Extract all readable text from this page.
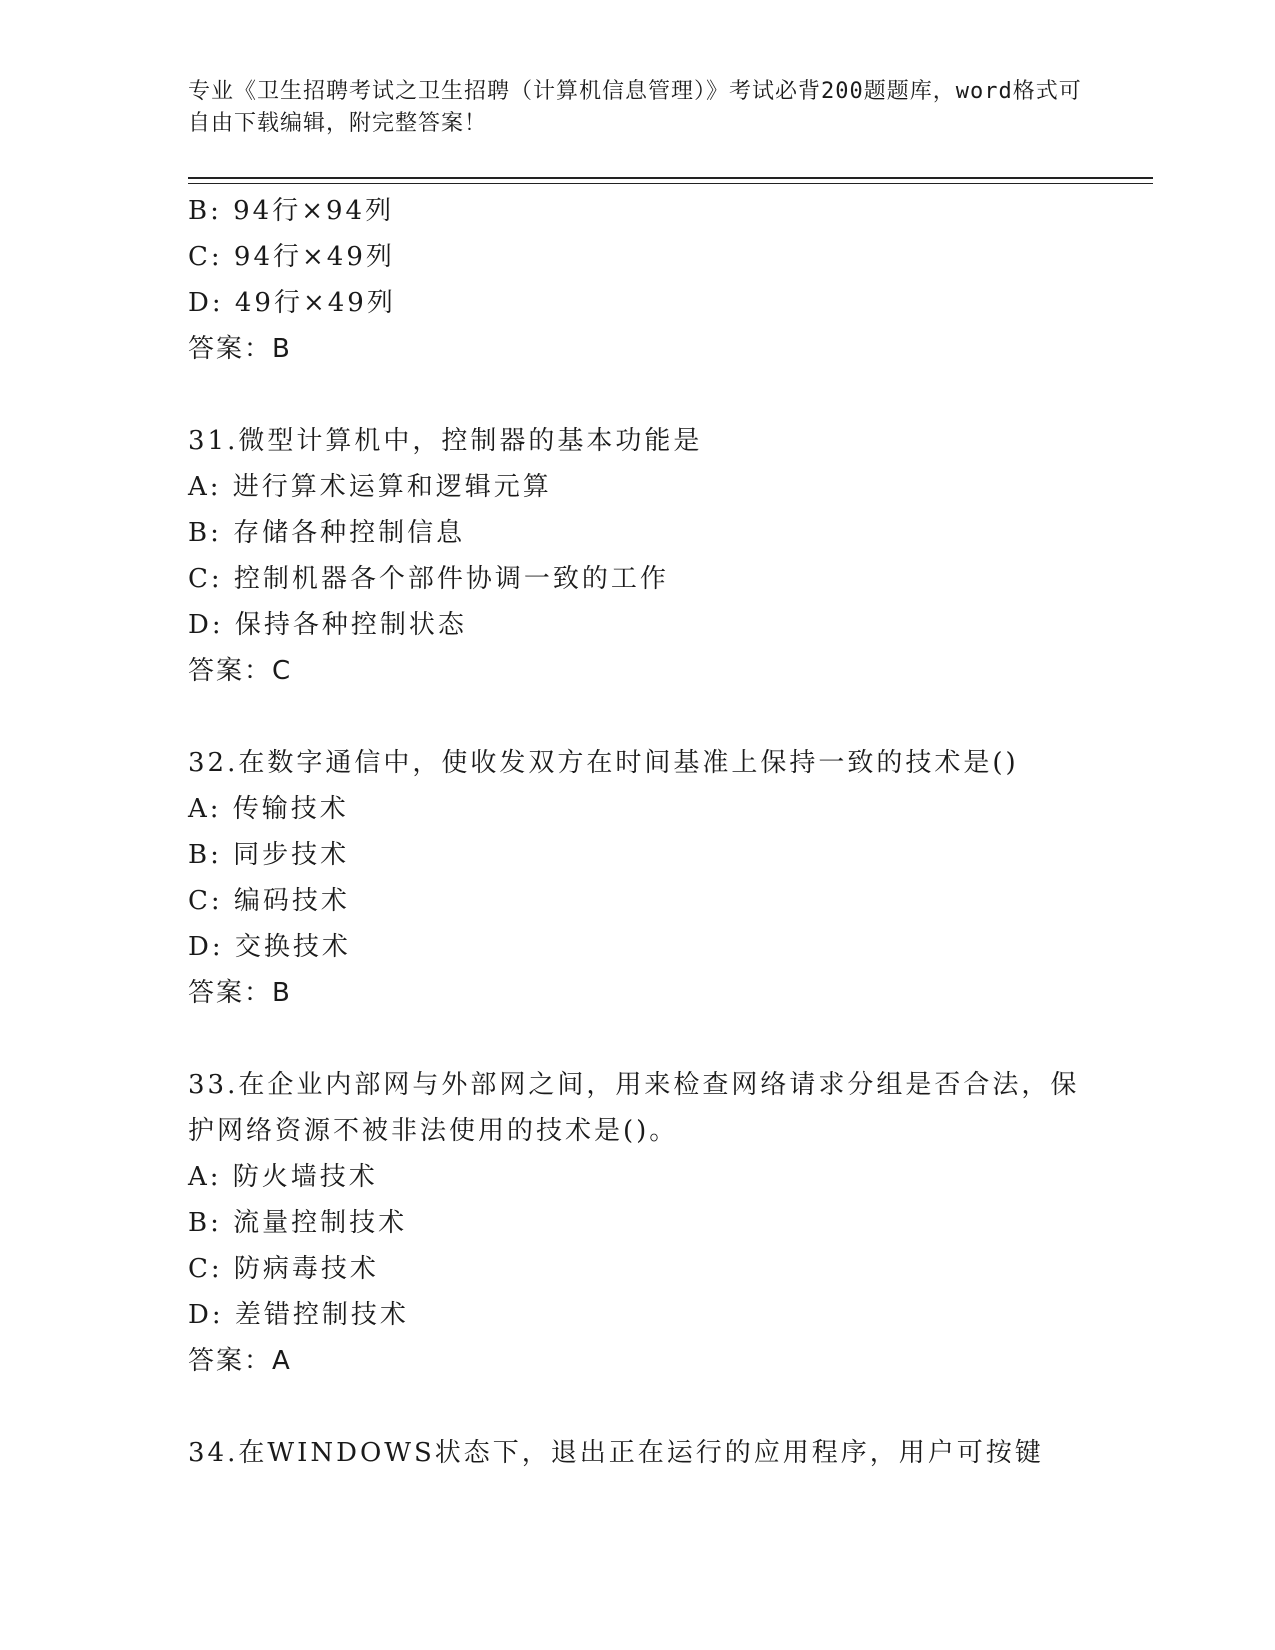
专业《卫生招聘考试之卫生招聘（计算机信息管理）》考试必背200题题库，word格式可自由下载编辑，附完整答案！
B: 94行×94列
C: 94行×49列
D: 49行×49列
答案：B
31.微型计算机中，控制器的基本功能是
A: 进行算术运算和逻辑元算
B: 存储各种控制信息
C: 控制机器各个部件协调一致的工作
D: 保持各种控制状态
答案：C
32.在数字通信中，使收发双方在时间基准上保持一致的技术是()
A: 传输技术
B: 同步技术
C: 编码技术
D: 交换技术
答案：B
33.在企业内部网与外部网之间，用来检查网络请求分组是否合法，保护网络资源不被非法使用的技术是()。
A: 防火墙技术
B: 流量控制技术
C: 防病毒技术
D: 差错控制技术
答案：A
34.在WINDOWS状态下，退出正在运行的应用程序，用户可按键
